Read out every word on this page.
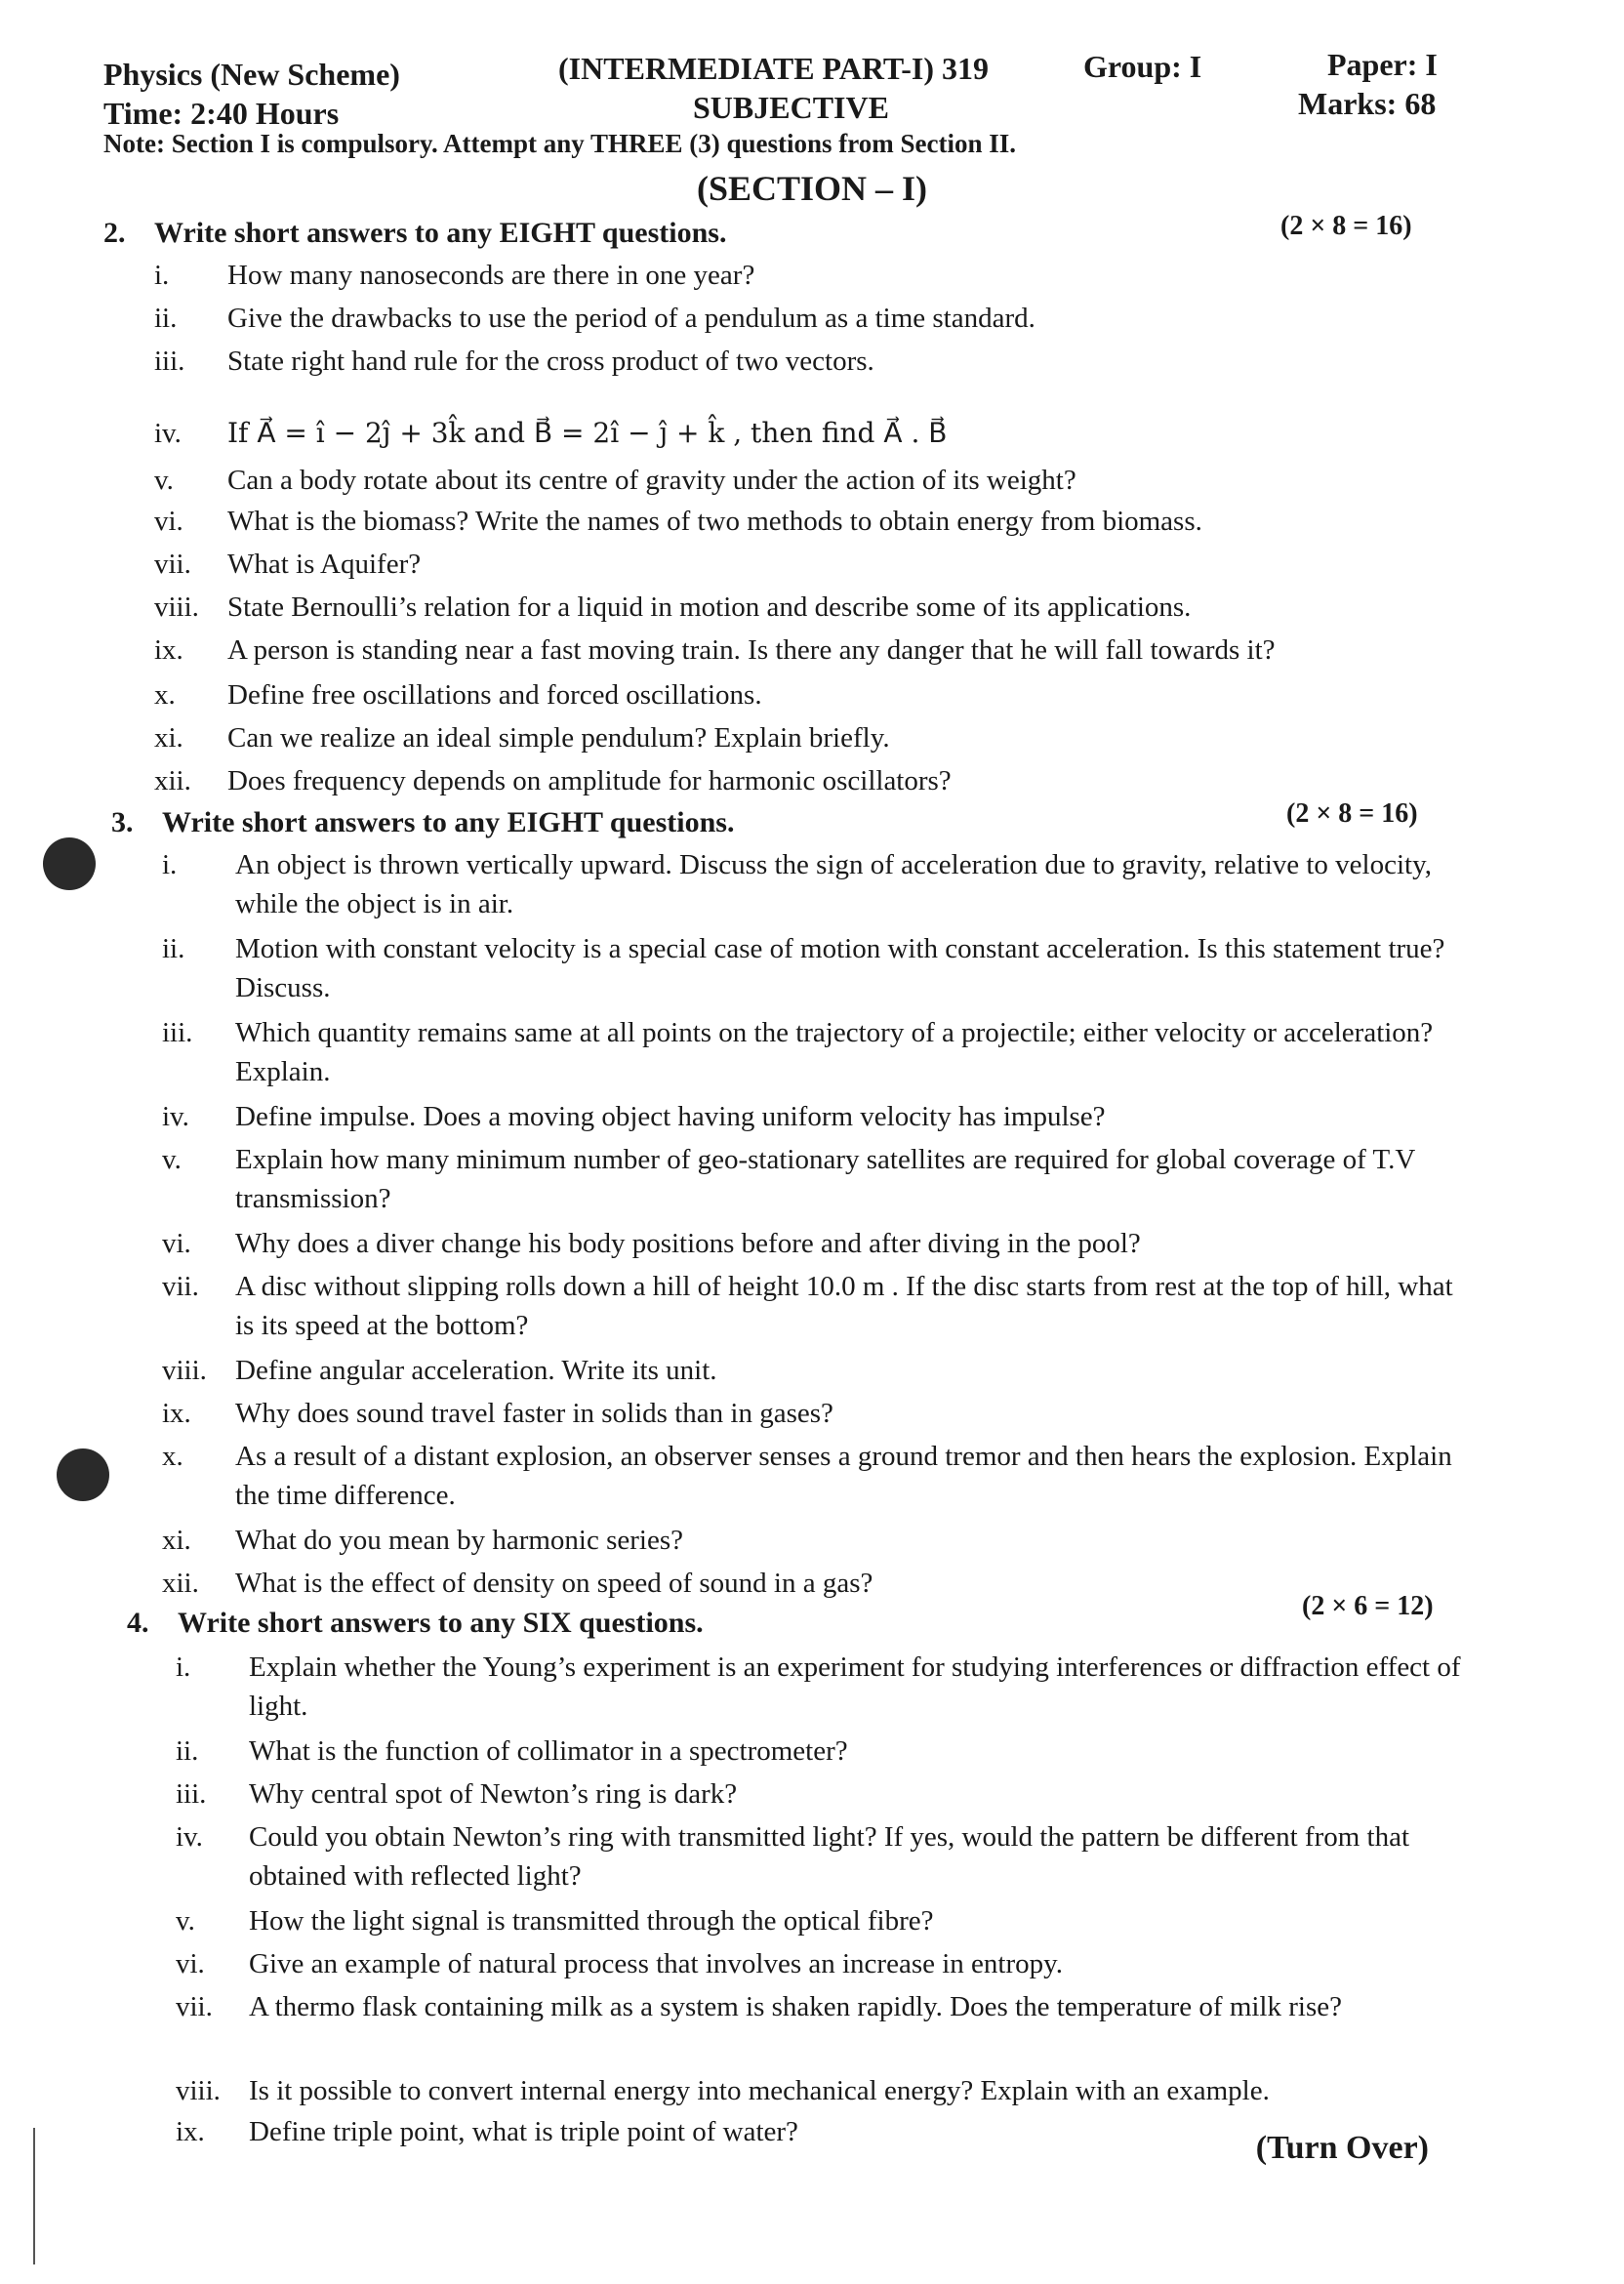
Physics (New Scheme)	(INTERMEDIATE PART-I) 319	Group: I	Paper: I
Time: 2:40 Hours	SUBJECTIVE	Marks: 68
Note: Section I is compulsory. Attempt any THREE (3) questions from Section II.
(SECTION – I)
2. Write short answers to any EIGHT questions.	(2 × 8 = 16)
i.	How many nanoseconds are there in one year?
ii.	Give the drawbacks to use the period of a pendulum as a time standard.
iii.	State right hand rule for the cross product of two vectors.
iv.	If A⃗ = î − 2ĵ + 3k̂ and B⃗ = 2î − ĵ + k̂ , then find A⃗ . B⃗
v.	Can a body rotate about its centre of gravity under the action of its weight?
vi.	What is the biomass? Write the names of two methods to obtain energy from biomass.
vii.	What is Aquifer?
viii.	State Bernoulli’s relation for a liquid in motion and describe some of its applications.
ix.	A person is standing near a fast moving train. Is there any danger that he will fall towards it?
x.	Define free oscillations and forced oscillations.
xi.	Can we realize an ideal simple pendulum? Explain briefly.
xii.	Does frequency depends on amplitude for harmonic oscillators?
3. Write short answers to any EIGHT questions.	(2 × 8 = 16)
i.	An object is thrown vertically upward. Discuss the sign of acceleration due to gravity, relative to velocity, while the object is in air.
ii.	Motion with constant velocity is a special case of motion with constant acceleration. Is this statement true? Discuss.
iii.	Which quantity remains same at all points on the trajectory of a projectile; either velocity or acceleration? Explain.
iv.	Define impulse. Does a moving object having uniform velocity has impulse?
v.	Explain how many minimum number of geo-stationary satellites are required for global coverage of T.V transmission?
vi.	Why does a diver change his body positions before and after diving in the pool?
vii.	A disc without slipping rolls down a hill of height 10.0 m . If the disc starts from rest at the top of hill, what is its speed at the bottom?
viii.	Define angular acceleration. Write its unit.
ix.	Why does sound travel faster in solids than in gases?
x.	As a result of a distant explosion, an observer senses a ground tremor and then hears the explosion. Explain the time difference.
xi.	What do you mean by harmonic series?
xii.	What is the effect of density on speed of sound in a gas?
4. Write short answers to any SIX questions.
(2 × 6 = 12)
i.	Explain whether the Young’s experiment is an experiment for studying interferences or diffraction effect of light.
ii.	What is the function of collimator in a spectrometer?
iii.	Why central spot of Newton’s ring is dark?
iv.	Could you obtain Newton’s ring with transmitted light? If yes, would the pattern be different from that obtained with reflected light?
v.	How the light signal is transmitted through the optical fibre?
vi.	Give an example of natural process that involves an increase in entropy.
vii.	A thermo flask containing milk as a system is shaken rapidly. Does the temperature of milk rise?
viii.	Is it possible to convert internal energy into mechanical energy? Explain with an example.
ix.	Define triple point, what is triple point of water?	(Turn Over)
